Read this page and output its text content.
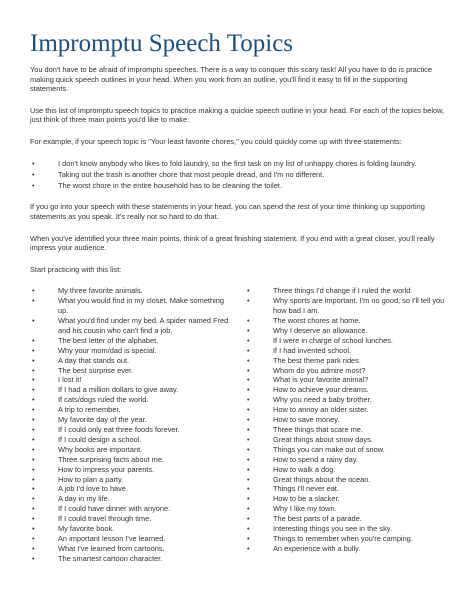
Impromptu Speech Topics

You don't have to be afraid of impromptu speeches. There is a way to conquer this scary task! All you have to do is practice making quick speech outlines in your head. When you work from an outline, you'll find it easy to fill in the supporting statements.

Use this list of impromptu speech topics to practice making a quickie speech outline in your head. For each of the topics below, just think of three main points you'd like to make.

For example, if your speech topic is "Your least favorite chores," you could quickly come up with three statements:

• I don't know anybody who likes to fold laundry, so the first task on my list of unhappy chores is folding laundry.
• Taking out the trash is another chore that most people dread, and I'm no different.
• The worst chore in the entire household has to be cleaning the toilet.

If you go into your speech with these statements in your head, you can spend the rest of your time thinking up supporting statements as you speak. It's really not so hard to do that.

When you've identified your three main points, think of a great finishing statement. If you end with a great closer, you'll really impress your audience.

Start practicing with this list:

• My three favorite animals.
• What you would find in my closet. Make something up.
• What you'd find under my bed. A spider named Fred and his cousin who can't find a job.
• The best letter of the alphabet.
• Why your mom/dad is special.
• A day that stands out.
• The best surprise ever.
• I lost it!
• If I had a million dollars to give away.
• If cats/dogs ruled the world.
• A trip to remember.
• My favorite day of the year.
• If I could only eat three foods forever.
• If I could design a school.
• Why books are important.
• Three surprising facts about me.
• How to impress your parents.
• How to plan a party.
• A job I'd love to have.
• A day in my life.
• If I could have dinner with anyone.
• If I could travel through time.
• My favorite book.
• An important lesson I've learned.
• What I've learned from cartoons.
• The smartest cartoon character.
• Three things I'd change if I ruled the world.
• Why sports are important. I'm no good, so I'll tell you how bad I am.
• The worst chores at home.
• Why I deserve an allowance.
• If I were in charge of school lunches.
• If I had invented school.
• The best theme park rides.
• Whom do you admire most?
• What is your favorite animal?
• How to achieve your dreams.
• Why you need a baby brother.
• How to annoy an older sister.
• How to save money.
• Three things that scare me.
• Great things about snow days.
• Things you can make out of snow.
• How to spend a rainy day.
• How to walk a dog.
• Great things about the ocean.
• Things I'll never eat.
• How to be a slacker.
• Why I like my town.
• The best parts of a parade.
• Interesting things you see in the sky.
• Things to remember when you're camping.
• An experience with a bully.
